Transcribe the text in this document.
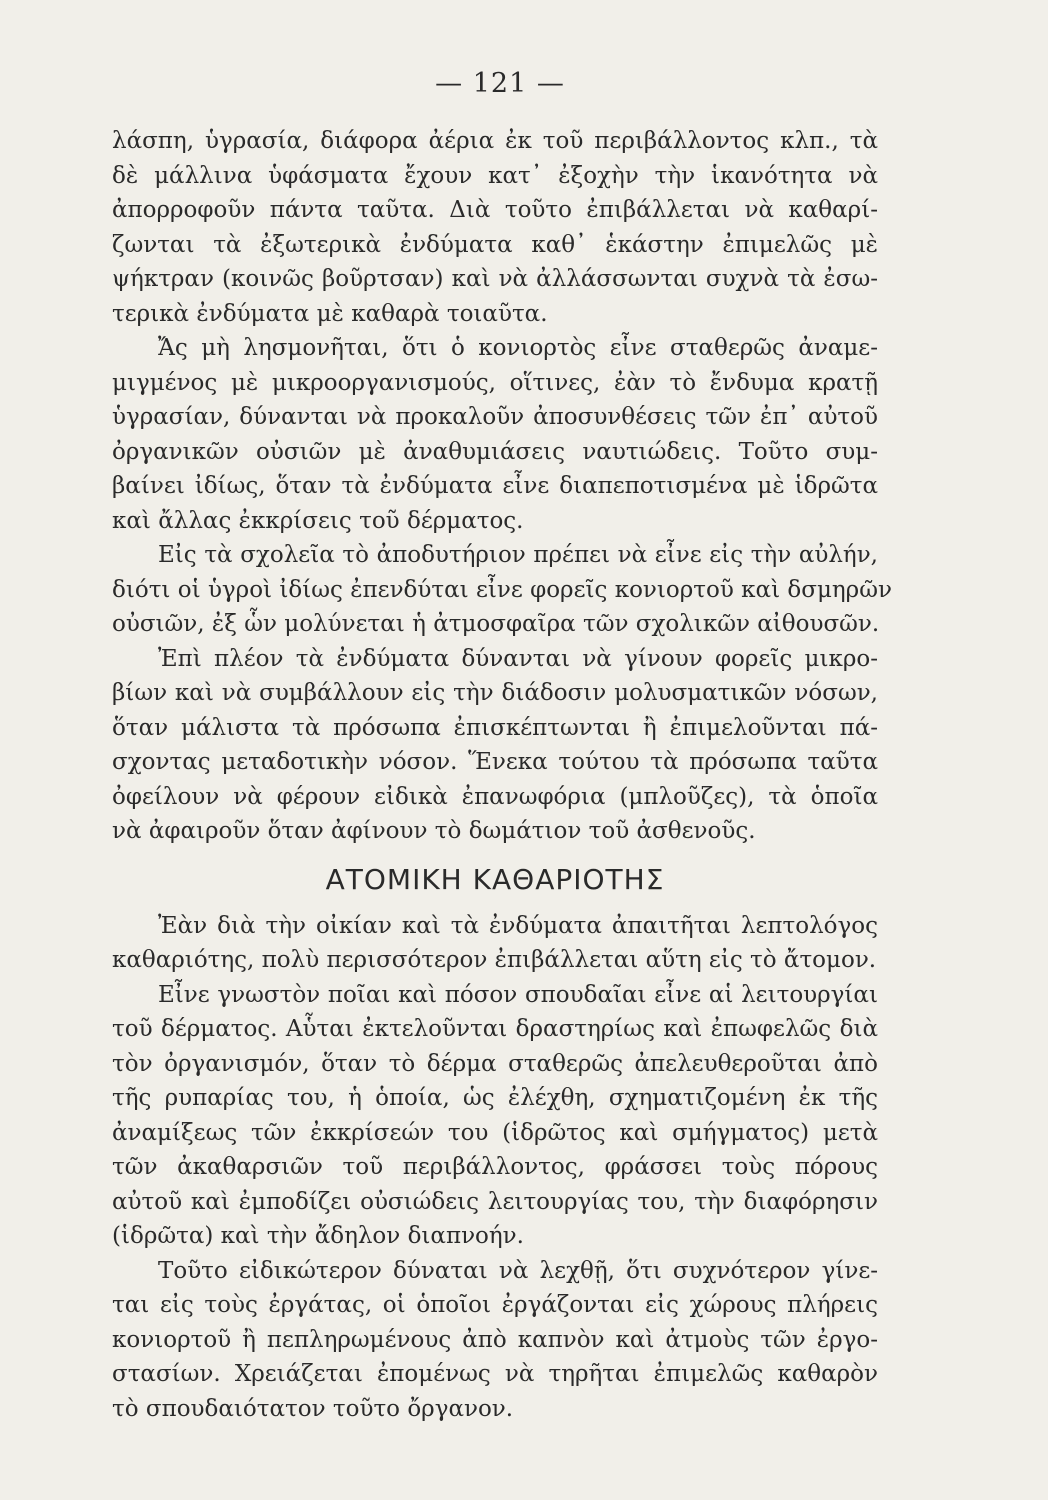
— 121 —
λάσπη, ὑγρασία, διάφορα ἀέρια ἐκ τοῦ περιβάλλοντος κλπ., τὰ
δὲ μάλλινα ὑφάσματα ἔχουν κατ᾽ ἐξοχὴν τὴν ἱκανότητα νὰ
ἀπορροφοῦν πάντα ταῦτα. Διὰ τοῦτο ἐπιβάλλεται νὰ καθαρί-
ζωνται τὰ ἐξωτερικὰ ἐνδύματα καθ᾽ ἑκάστην ἐπιμελῶς μὲ
ψήκτραν (κοινῶς βοῦρτσαν) καὶ νὰ ἀλλάσσωνται συχνὰ τὰ ἐσω-
τερικὰ ἐνδύματα μὲ καθαρὰ τοιαῦτα.
Ἄς μὴ λησμονῆται, ὅτι ὁ κονιορτὸς εἶνε σταθερῶς ἀναμε-
μιγμένος μὲ μικροοργανισμούς, οἵτινες, ἐὰν τὸ ἔνδυμα κρατῇ
ὑγρασίαν, δύνανται νὰ προκαλοῦν ἀποσυνθέσεις τῶν ἐπ᾽ αὐτοῦ
ὀργανικῶν οὐσιῶν μὲ ἀναθυμιάσεις ναυτιώδεις. Τοῦτο συμ-
βαίνει ἰδίως, ὅταν τὰ ἐνδύματα εἶνε διαπεποτισμένα μὲ ἱδρῶτα
καὶ ἄλλας ἐκκρίσεις τοῦ δέρματος.
Εἰς τὰ σχολεῖα τὸ ἀποδυτήριον πρέπει νὰ εἶνε εἰς τὴν αὐλήν,
διότι οἱ ὑγροὶ ἰδίως ἐπενδύται εἶνε φορεῖς κονιορτοῦ καὶ δσμηρῶν
οὐσιῶν, ἐξ ὧν μολύνεται ἡ ἀτμοσφαῖρα τῶν σχολικῶν αἰθουσῶν.
Ἐπὶ πλέον τὰ ἐνδύματα δύνανται νὰ γίνουν φορεῖς μικρο-
βίων καὶ νὰ συμβάλλουν εἰς τὴν διάδοσιν μολυσματικῶν νόσων,
ὅταν μάλιστα τὰ πρόσωπα ἐπισκέπτωνται ἢ ἐπιμελοῦνται πά-
σχοντας μεταδοτικὴν νόσον. Ἕνεκα τούτου τὰ πρόσωπα ταῦτα
ὀφείλουν νὰ φέρουν εἰδικὰ ἐπανωφόρια (μπλοῦζες), τὰ ὁποῖα
νὰ ἀφαιροῦν ὅταν ἀφίνουν τὸ δωμάτιον τοῦ ἀσθενοῦς.
ΑΤΟΜΙΚΗ ΚΑΘΑΡΙΟΤΗΣ
Ἐὰν διὰ τὴν οἰκίαν καὶ τὰ ἐνδύματα ἀπαιτῆται λεπτολόγος
καθαριότης, πολὺ περισσότερον ἐπιβάλλεται αὕτη εἰς τὸ ἄτομον.
Εἶνε γνωστὸν ποῖαι καὶ πόσον σπουδαῖαι εἶνε αἱ λειτουργίαι
τοῦ δέρματος. Αὗται ἐκτελοῦνται δραστηρίως καὶ ἐπωφελῶς διὰ
τὸν ὀργανισμόν, ὅταν τὸ δέρμα σταθερῶς ἀπελευθεροῦται ἀπὸ
τῆς ρυπαρίας του, ἡ ὁποία, ὡς ἐλέχθη, σχηματιζομένη ἐκ τῆς
ἀναμίξεως τῶν ἐκκρίσεών του (ἱδρῶτος καὶ σμήγματος) μετὰ
τῶν ἀκαθαρσιῶν τοῦ περιβάλλοντος, φράσσει τοὺς πόρους
αὐτοῦ καὶ ἐμποδίζει οὐσιώδεις λειτουργίας του, τὴν διαφόρησιν
(ἱδρῶτα) καὶ τὴν ἄδηλον διαπνοήν.
Τοῦτο εἰδικώτερον δύναται νὰ λεχθῇ, ὅτι συχνότερον γίνε-
ται εἰς τοὺς ἐργάτας, οἱ ὁποῖοι ἐργάζονται εἰς χώρους πλήρεις
κονιορτοῦ ἢ πεπληρωμένους ἀπὸ καπνὸν καὶ ἀτμοὺς τῶν ἐργο-
στασίων. Χρειάζεται ἐπομένως νὰ τηρῆται ἐπιμελῶς καθαρὸν
τὸ σπουδαιότατον τοῦτο ὄργανον.
